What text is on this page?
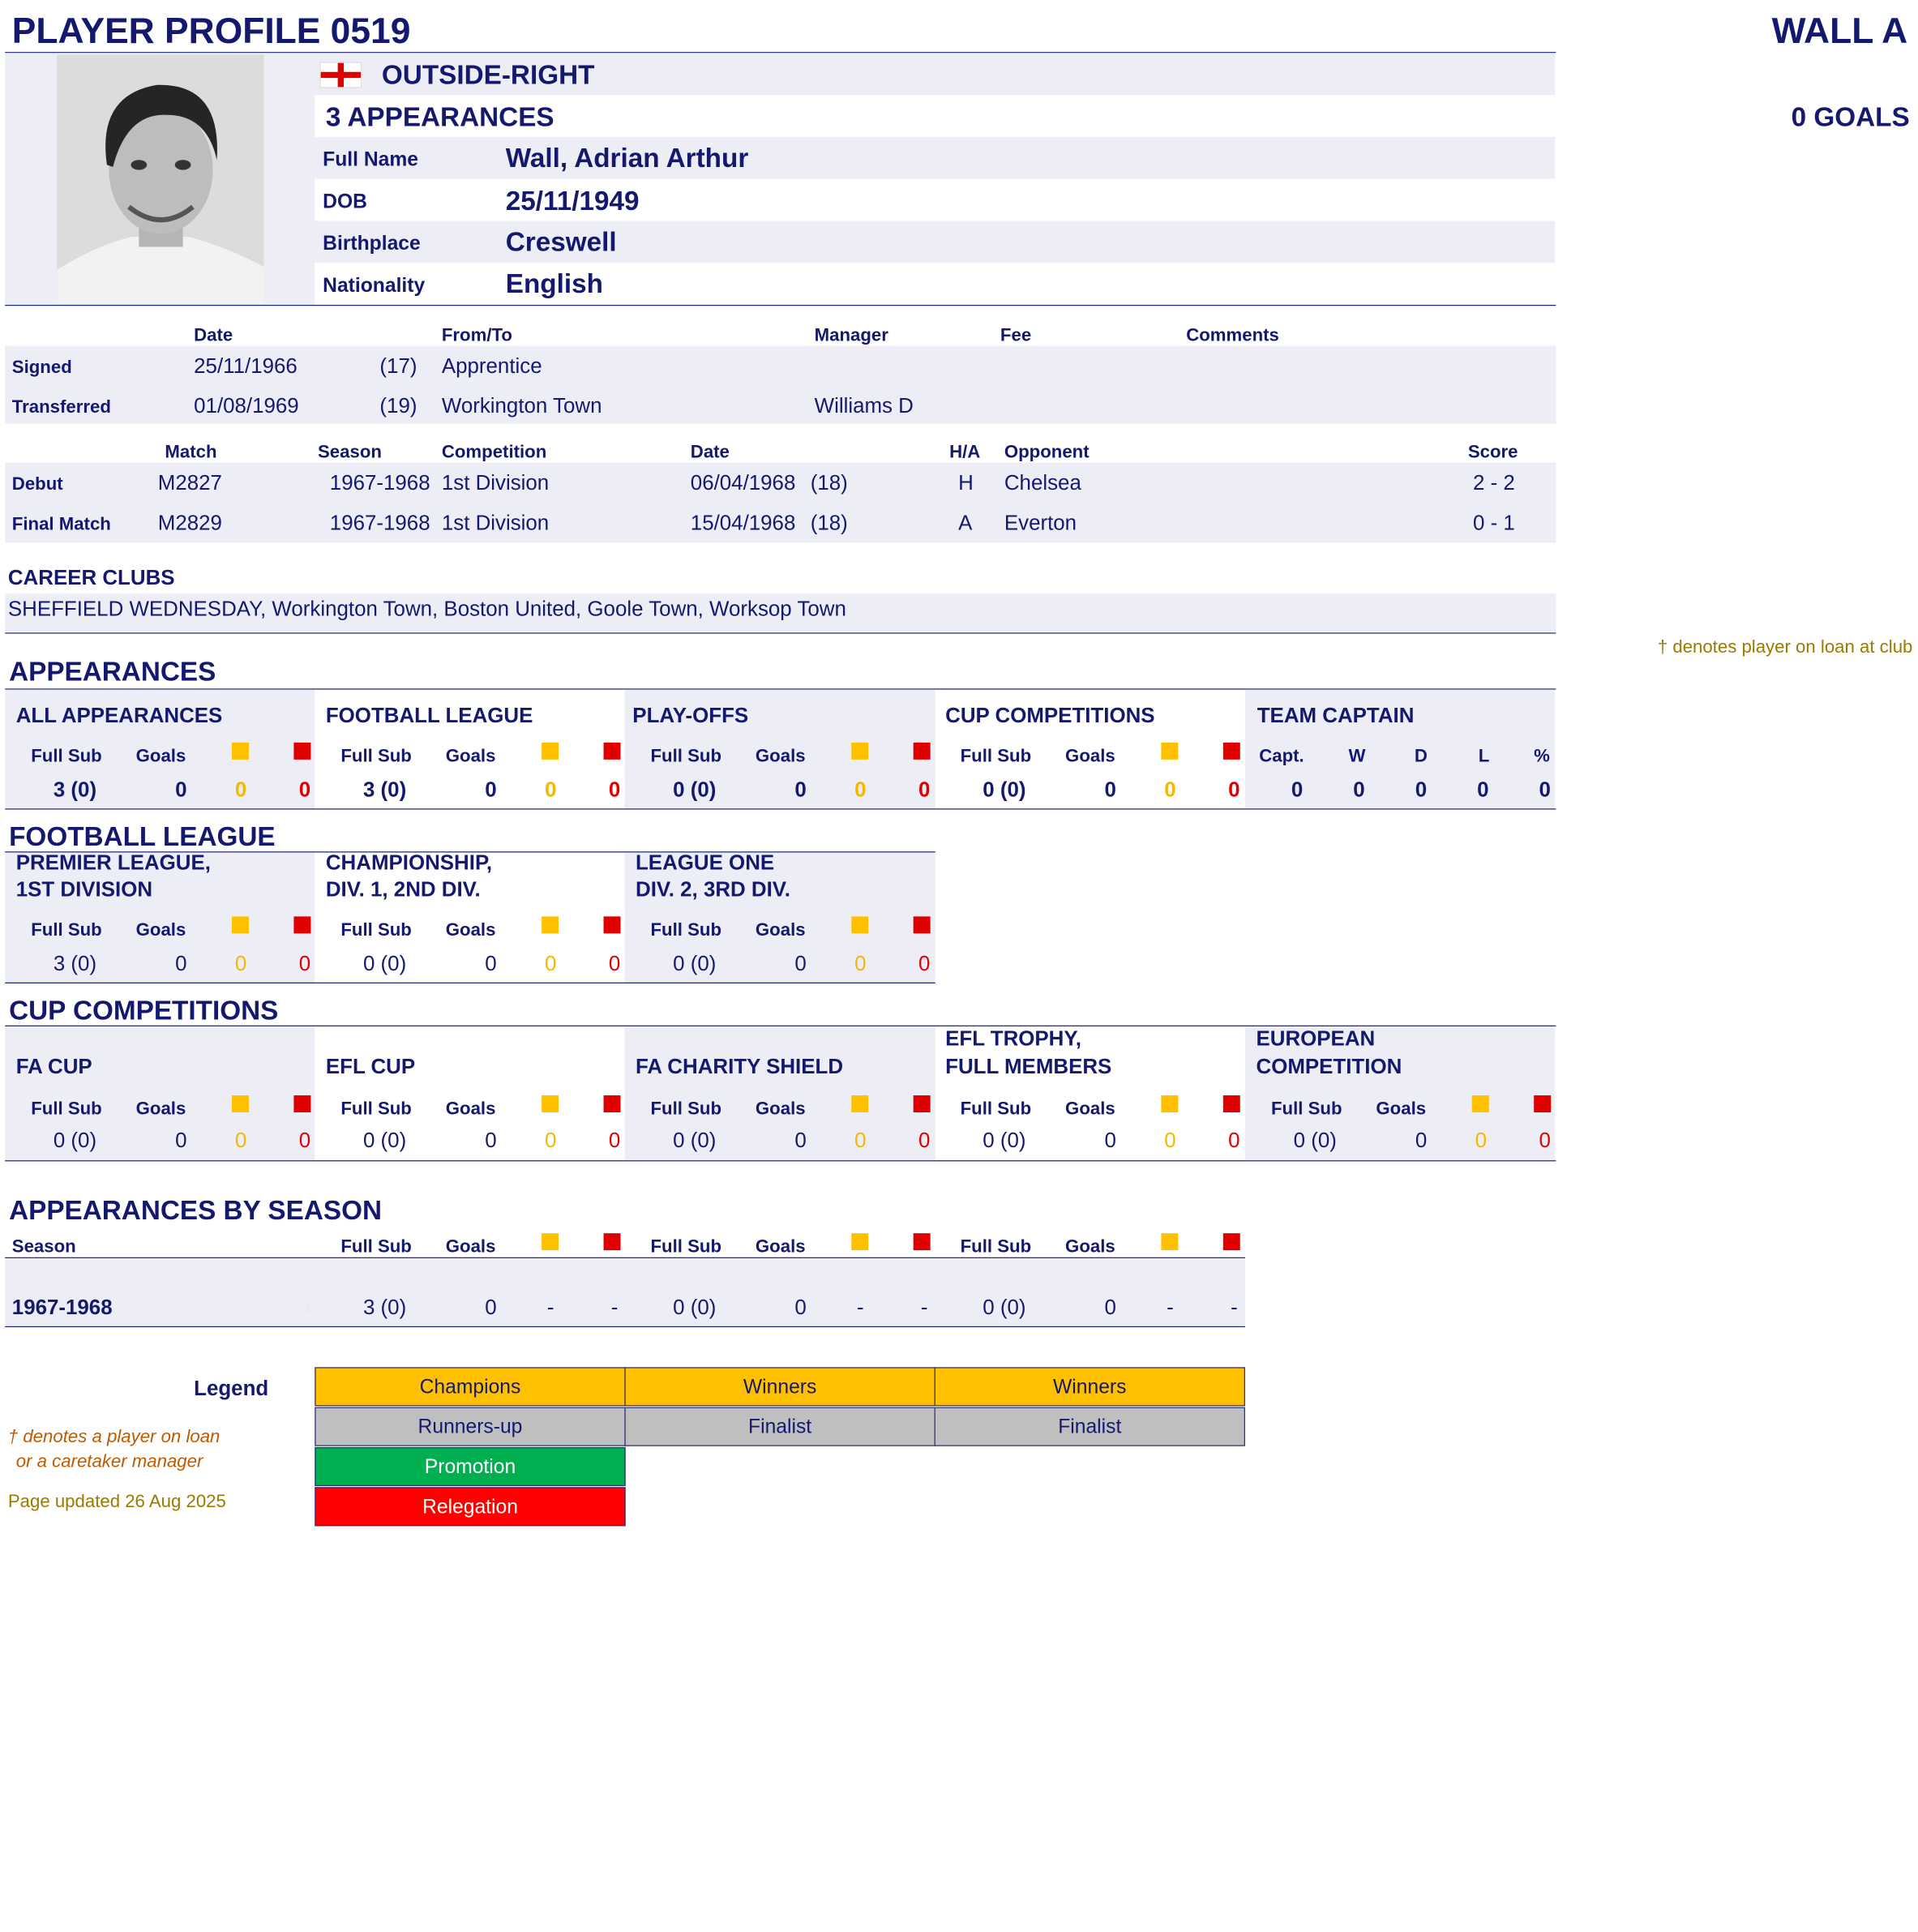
PLAYER PROFILE 0519	WALL A
OUTSIDE-RIGHT
3 APPEARANCES	0 GOALS
Full Name	Wall, Adrian Arthur
DOB	25/11/1949
Birthplace	Creswell
Nationality	English
Date	From/To	Manager	Fee	Comments
Signed	25/11/1966	(17) Apprentice
Transferred	01/08/1969	(19) Workington Town	Williams D
Match	Season	Competition	Date	H/A Opponent	Score
Debut	M2827	1967-1968 1st Division	06/04/1968 (18)	H Chelsea	2 - 2
Final Match	M2829	1967-1968 1st Division	15/04/1968 (18)	A Everton	0 - 1
CAREER CLUBS
SHEFFIELD WEDNESDAY, Workington Town, Boston United, Goole Town, Worksop Town
† denotes player on loan at club
APPEARANCES
ALL APPEARANCES
Full Sub Goals
3 (0)	0	0	0
FOOTBALL LEAGUE
Full Sub Goals
3 (0)	0	0	0
PLAY-OFFS
Full Sub Goals
0 (0)	0	0	0
CUP COMPETITIONS
Full Sub Goals
0 (0)	0	0	0
TEAM CAPTAIN
Capt.	W	D	L	%
0	0	0	0	0
FOOTBALL LEAGUE
PREMIER LEAGUE,
1ST DIVISION
Full Sub Goals
3 (0)	0	0	0
CHAMPIONSHIP,
DIV. 1, 2ND DIV.
Full Sub Goals
0 (0)	0	0	0
LEAGUE ONE
DIV. 2, 3RD DIV.
Full Sub Goals
0 (0)	0	0	0
CUP COMPETITIONS
FA CUP
Full Sub Goals
0 (0)	0	0	0
EFL CUP
Full Sub Goals
0 (0)	0	0	0
FA CHARITY SHIELD
Full Sub Goals
0 (0)	0	0	0
EFL TROPHY,
FULL MEMBERS
Full Sub Goals
0 (0)	0	0	0
EUROPEAN
COMPETITION
Full Sub Goals
0 (0)	0	0	0
APPEARANCES BY SEASON
Season	Full Sub Goals	Full Sub Goals	Full Sub Goals
1967-1968	1	3 (0)	0	-	-	0 (0)	0	-	-	0 (0)	0	-	-
Legend	Champions	Winners	Winners
Runners-up	Finalist	Finalist
Promotion
Relegation
† denotes a player on loan
or a caretaker manager
Page updated 26 Aug 2025
